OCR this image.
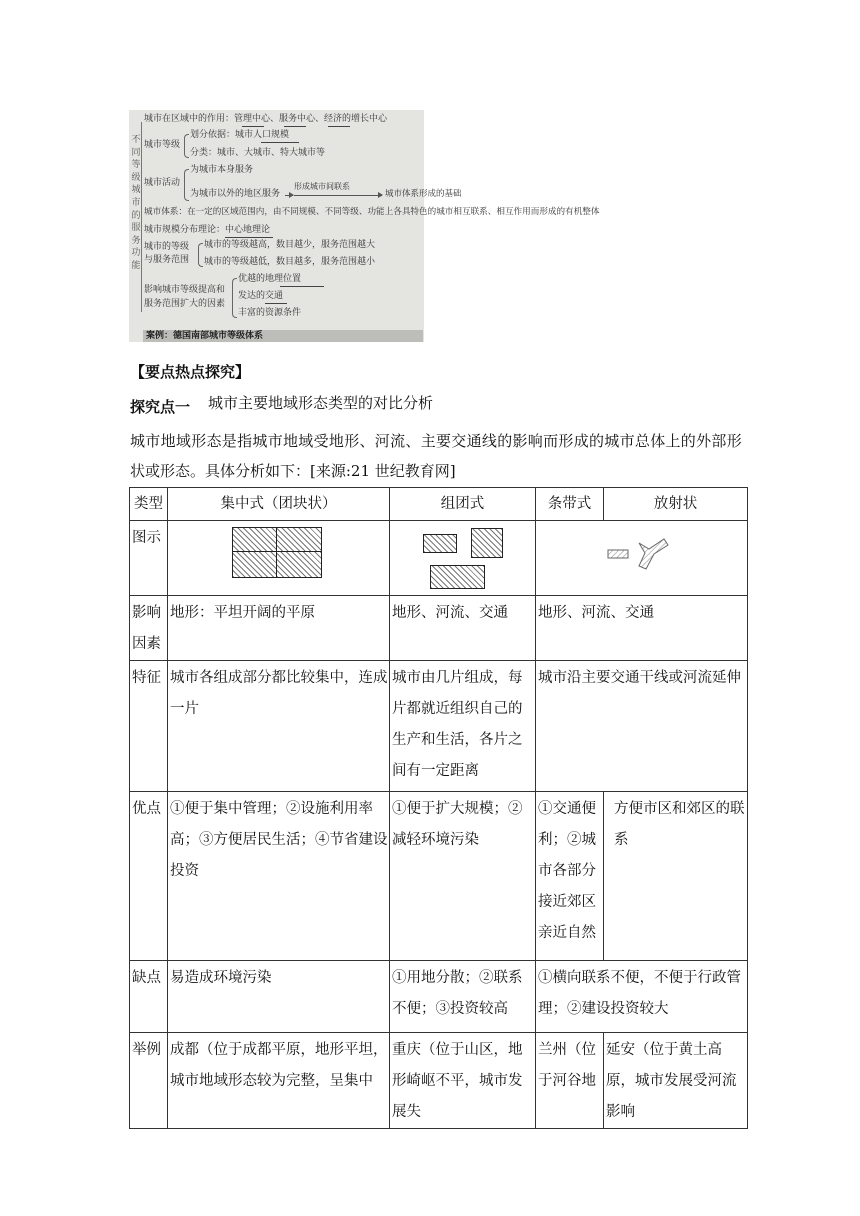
不同等级城市的服务功能
城市在区域中的作用：管理中心、服务中心、经济的增长中心
城市等级
划分依据：城市人口规模
分类：城市、大城市、特大城市等
城市活动
为城市本身服务
为城市以外的地区服务
形成城市间联系
城市体系形成的基础
城市体系：在一定的区域范围内，由不同规模、不同等级、功能上各具特色的城市相互联系、相互作用而形成的有机整体
城市规模分布理论：中心地理论
城市的等级
与服务范围
城市的等级越高，数目越少，服务范围越大
城市的等级越低，数目越多，服务范围越小
影响城市等级提高和
服务范围扩大的因素
优越的地理位置
发达的交通
丰富的资源条件
案例：德国南部城市等级体系
【要点热点探究】
探究点一 城市主要地域形态类型的对比分析
城市地域形态是指城市地域受地形、河流、主要交通线的影响而形成的城市总体上的外部形
状或形态。具体分析如下：[来源:21 世纪教育网]
类型	集中式（团块状）	组团式	条带式	放射状
图示	

影响因素	地形：平坦开阔的平原	地形、河流、交通	地形、河流、交通	
特征	城市各组成部分都比较集中，连成一片	城市由几片组成，每片都就近组织自己的生产和生活，各片之间有一定距离	城市沿主要交通干线或河流延伸	
优点	①便于集中管理；②设施利用率高；③方便居民生活；④节省建设投资	①便于扩大规模；②减轻环境污染	①交通便利；②城市各部分接近郊区亲近自然	方便市区和郊区的联系
缺点	易造成环境污染	①用地分散；②联系不便；③投资较高	①横向联系不便，不便于行政管理；②建设投资较大	
举例	成都（位于成都平原，地形平坦，城市地域形态较为完整，呈集中	重庆（位于山区，地形崎岖不平，城市发展失	兰州（位于河谷地	延安（位于黄土高原，城市发展受河流影响
